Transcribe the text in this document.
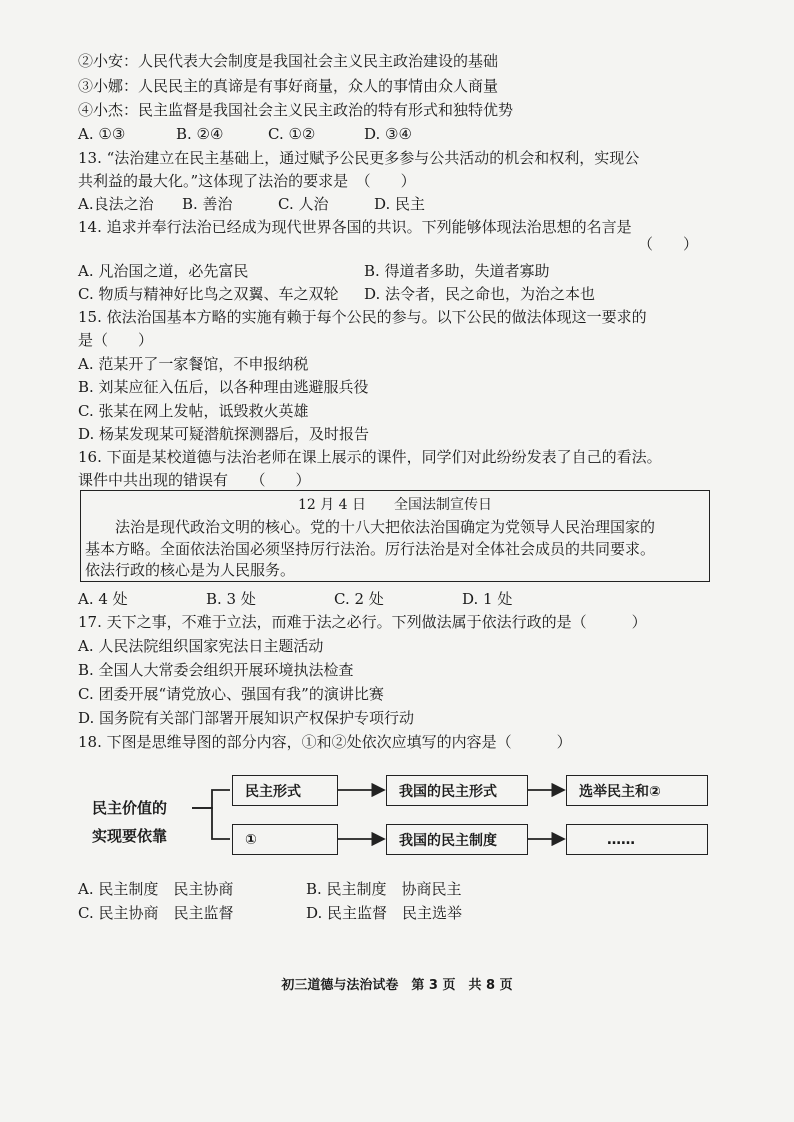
②小安：人民代表大会制度是我国社会主义民主政治建设的基础
③小娜：人民民主的真谛是有事好商量，众人的事情由众人商量
④小杰：民主监督是我国社会主义民主政治的特有形式和独特优势
A. ①③	B. ②④	C. ①②	D. ③④
13. “法治建立在民主基础上，通过赋予公民更多参与公共活动的机会和权利，实现公
共利益的最大化。”这体现了法治的要求是　（　　）
A.良法之治 B. 善治	C. 人治	D. 民主
14. 追求并奉行法治已经成为现代世界各国的共识。下列能够体现法治思想的名言是
（　　）
A. 凡治国之道，必先富民	B. 得道者多助，失道者寡助
C. 物质与精神好比鸟之双翼、车之双轮 D. 法令者，民之命也，为治之本也
15. 依法治国基本方略的实施有赖于每个公民的参与。以下公民的做法体现这一要求的
是（　　）
A. 范某开了一家餐馆，不申报纳税
B. 刘某应征入伍后，以各种理由逃避服兵役
C. 张某在网上发帖，诋毁救火英雄
D. 杨某发现某可疑潜航探测器后，及时报告
16. 下面是某校道德与法治老师在课上展示的课件，同学们对此纷纷发表了自己的看法。
课件中共出现的错误有　　（　　）
12 月 4 日　　全国法制宣传日
　　法治是现代政治文明的核心。党的十八大把依法治国确定为党领导人民治理国家的
基本方略。全面依法治国必须坚持厉行法治。厉行法治是对全体社会成员的共同要求。
依法行政的核心是为人民服务。
A. 4 处	B. 3 处	C. 2 处	D. 1 处
17. 天下之事，不难于立法，而难于法之必行。下列做法属于依法行政的是（　　　）
A. 人民法院组织国家宪法日主题活动
B. 全国人大常委会组织开展环境执法检查
C. 团委开展“请党放心、强国有我”的演讲比赛
D. 国务院有关部门部署开展知识产权保护专项行动
18. 下图是思维导图的部分内容，①和②处依次应填写的内容是（　　　）
民主价值的
实现要依靠
民主形式	我国的民主形式	选举民主和②
①	我国的民主制度	……
A. 民主制度　民主协商	B. 民主制度　协商民主
C. 民主协商　民主监督	D. 民主监督　民主选举
初三道德与法治试卷　第 3 页　共 8 页
